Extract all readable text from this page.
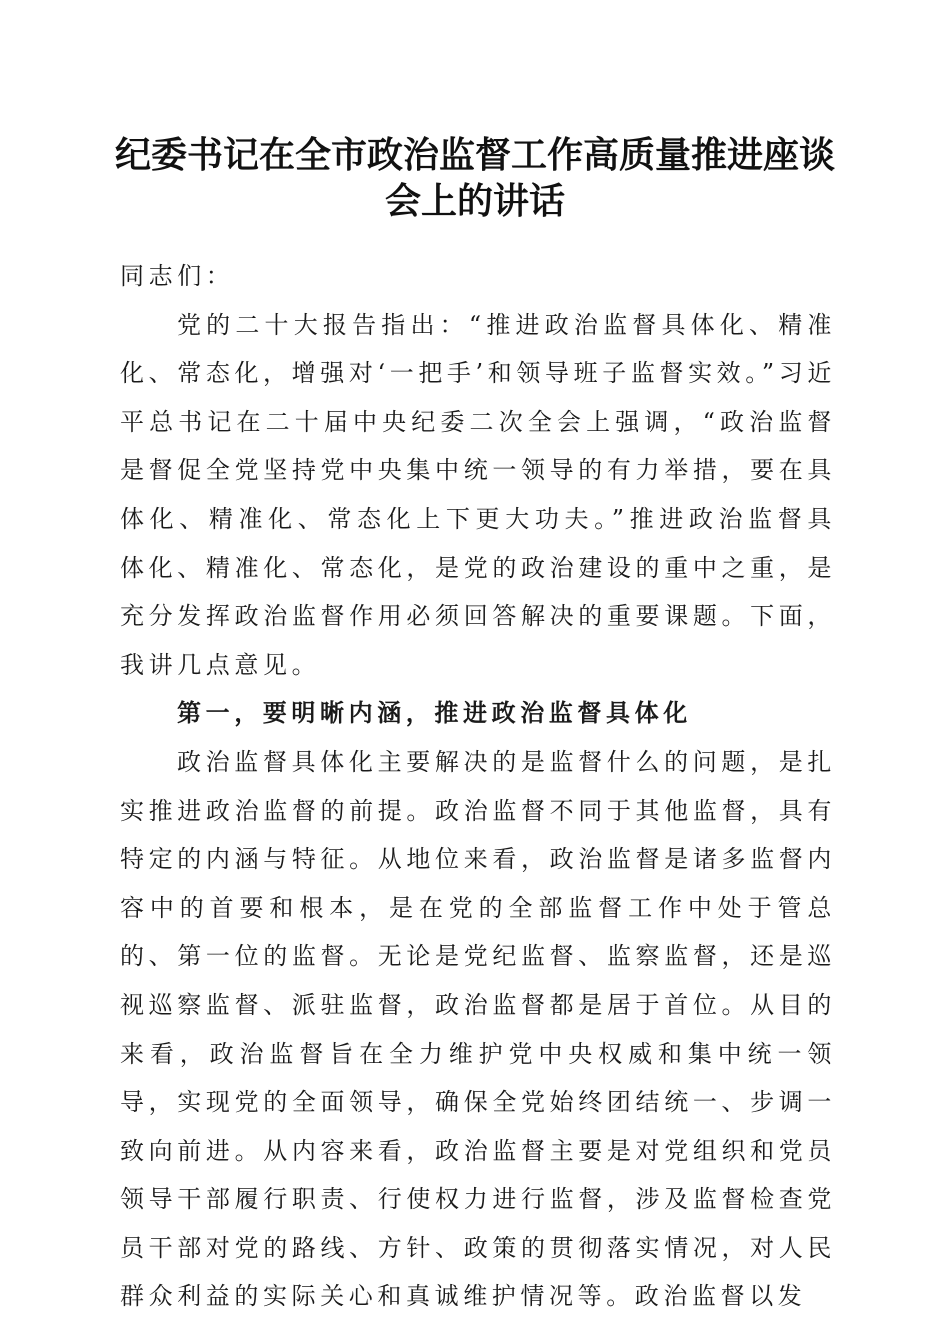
纪委书记在全市政治监督工作高质量推进座谈会上的讲话

同志们：

党的二十大报告指出：“推进政治监督具体化、精准化、常态化，增强对‘一把手’和领导班子监督实效。”习近平总书记在二十届中央纪委二次全会上强调，“政治监督是督促全党坚持党中央集中统一领导的有力举措，要在具体化、精准化、常态化上下更大功夫。”推进政治监督具体化、精准化、常态化，是党的政治建设的重中之重，是充分发挥政治监督作用必须回答解决的重要课题。下面，我讲几点意见。

第一，要明晰内涵，推进政治监督具体化

政治监督具体化主要解决的是监督什么的问题，是扎实推进政治监督的前提。政治监督不同于其他监督，具有特定的内涵与特征。从地位来看，政治监督是诸多监督内容中的首要和根本，是在党的全部监督工作中处于管总的、第一位的监督。无论是党纪监督、监察监督，还是巡视巡察监督、派驻监督，政治监督都是居于首位。从目的来看，政治监督旨在全力维护党中央权威和集中统一领导，实现党的全面领导，确保全党始终团结统一、步调一致向前进。从内容来看，政治监督主要是对党组织和党员领导干部履行职责、行使权力进行监督，涉及监督检查党员干部对党的路线、方针、政策的贯彻落实情况，对人民群众利益的实际关心和真诚维护情况等。政治监督以发
